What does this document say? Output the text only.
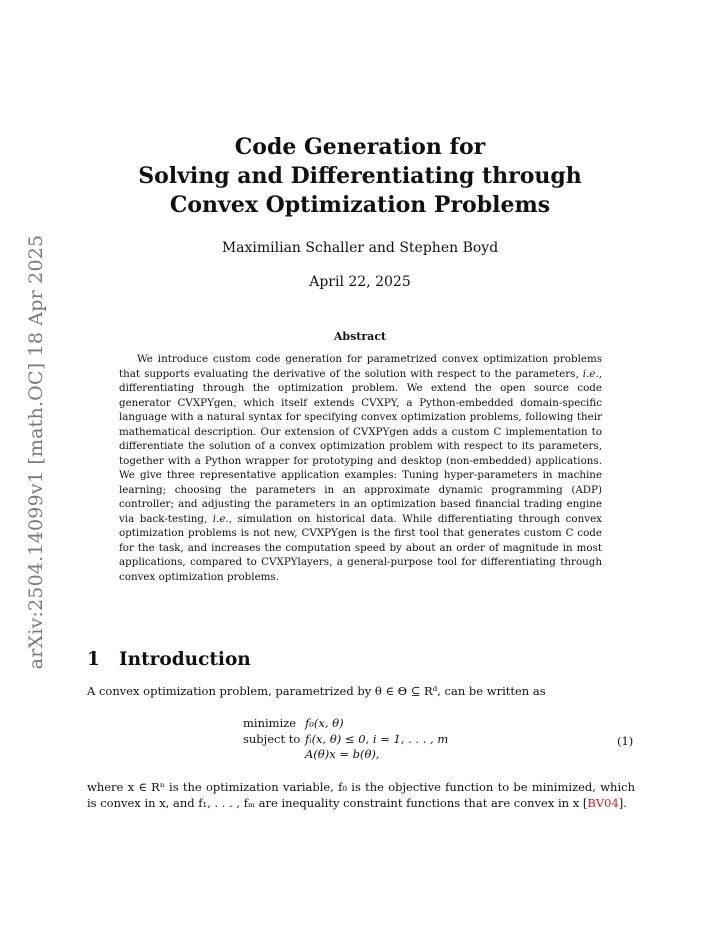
arXiv:2504.14099v1 [math.OC] 18 Apr 2025
Code Generation for
Solving and Differentiating through
Convex Optimization Problems
Maximilian Schaller and Stephen Boyd
April 22, 2025
Abstract
We introduce custom code generation for parametrized convex optimization problems that supports evaluating the derivative of the solution with respect to the parameters, i.e., differentiating through the optimization problem. We extend the open source code generator CVXPYgen, which itself extends CVXPY, a Python-embedded domain-specific language with a natural syntax for specifying convex optimization problems, following their mathematical description. Our extension of CVXPYgen adds a custom C implementation to differentiate the solution of a convex optimization problem with respect to its parameters, together with a Python wrapper for prototyping and desktop (non-embedded) applications. We give three representative application examples: Tuning hyper-parameters in machine learning; choosing the parameters in an approximate dynamic programming (ADP) controller; and adjusting the parameters in an optimization based financial trading engine via back-testing, i.e., simulation on historical data. While differentiating through convex optimization problems is not new, CVXPYgen is the first tool that generates custom C code for the task, and increases the computation speed by about an order of magnitude in most applications, compared to CVXPYlayers, a general-purpose tool for differentiating through convex optimization problems.
1 Introduction
A convex optimization problem, parametrized by θ ∈ Θ ⊆ Rᵈ, can be written as
minimize f₀(x, θ)
subject to fᵢ(x, θ) ≤ 0, i = 1, . . . , m
A(θ)x = b(θ),
(1)
where x ∈ Rⁿ is the optimization variable, f₀ is the objective function to be minimized, which is convex in x, and f₁, . . . , fₘ are inequality constraint functions that are convex in x [BV04].
